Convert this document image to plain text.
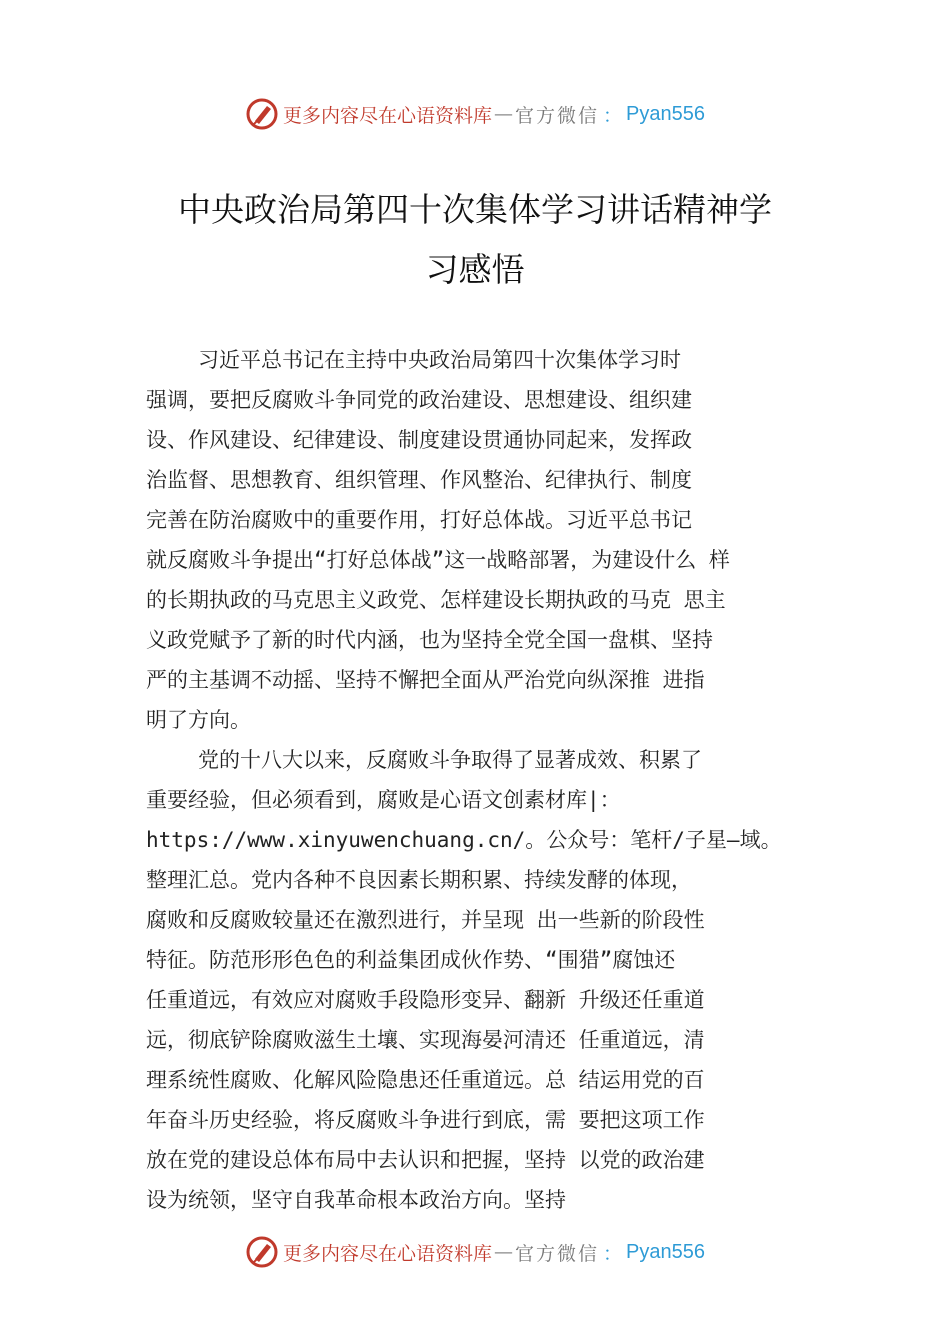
更多内容尽在心语资料库 — 官方微信 ： Pyan556
中央政治局第四十次集体学习讲话精神学
习感悟
习近平总书记在主持中央政治局第四十次集体学习时
强调，要把反腐败斗争同党的政治建设、思想建设、组织建
设、作风建设、纪律建设、制度建设贯通协同起来，发挥政
治监督、思想教育、组织管理、作风整治、纪律执行、制度
完善在防治腐败中的重要作用，打好总体战。习近平总书记
就反腐败斗争提出“打好总体战”这一战略部署，为建设什么 样
的长期执政的马克思主义政党、怎样建设长期执政的马克 思主
义政党赋予了新的时代内涵，也为坚持全党全国一盘棋、坚持
严的主基调不动摇、坚持不懈把全面从严治党向纵深推 进指
明了方向。
党的十八大以来，反腐败斗争取得了显著成效、积累了
重要经验，但必须看到，腐败是心语文创素材库|：
https://www.xinyuwenchuang.cn/。公众号：笔杆/子星—域。
整理汇总。党内各种不良因素长期积累、持续发酵的体现，
腐败和反腐败较量还在激烈进行，并呈现 出一些新的阶段性
特征。防范形形色色的利益集团成伙作势、“围猎”腐蚀还
任重道远，有效应对腐败手段隐形变异、翻新 升级还任重道
远，彻底铲除腐败滋生土壤、实现海晏河清还 任重道远，清
理系统性腐败、化解风险隐患还任重道远。总 结运用党的百
年奋斗历史经验，将反腐败斗争进行到底，需 要把这项工作
放在党的建设总体布局中去认识和把握，坚持 以党的政治建
设为统领，坚守自我革命根本政治方向。坚持
更多内容尽在心语资料库 — 官方微信 ： Pyan556
